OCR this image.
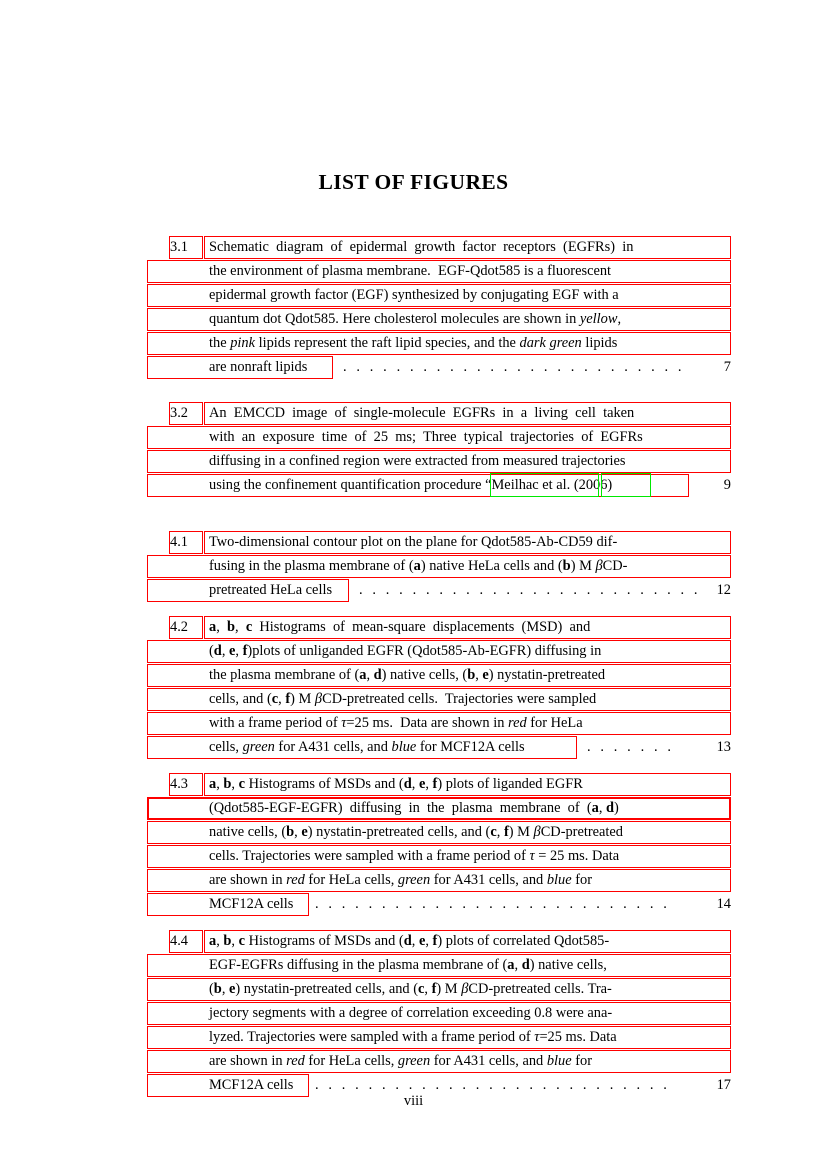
LIST OF FIGURES
3.1	Schematic  diagram  of  epidermal  growth  factor  receptors  (EGFRs)  in
the environment of plasma membrane.  EGF-Qdot585 is a fluorescent
epidermal growth factor (EGF) synthesized by conjugating EGF with a
quantum dot Qdot585. Here cholesterol molecules are shown in yellow,
the pink lipids represent the raft lipid species, and the dark green lipids
are nonraft lipids . . . . . . . . . . . . . . . . . . . . . . . . . .	7
3.2	An  EMCCD  image  of  single-molecule  EGFRs  in  a  living  cell  taken
with  an  exposure  time  of  25  ms;  Three  typical  trajectories  of  EGFRs
diffusing in a confined region were extracted from measured trajectories
using the confinement quantification procedure “Meilhac et al. (2006)	9
4.1	Two-dimensional contour plot on the plane for Qdot585-Ab-CD59 dif-
fusing in the plasma membrane of (a) native HeLa cells and (b) M βCD-
pretreated HeLa cells . . . . . . . . . . . . . . . . . . . . . . . . . .	12
4.2	a,  b,  c  Histograms  of  mean-square  displacements  (MSD)  and
(d, e, f)plots of unliganded EGFR (Qdot585-Ab-EGFR) diffusing in
the plasma membrane of (a, d) native cells, (b, e) nystatin-pretreated
cells, and (c, f) M βCD-pretreated cells.  Trajectories were sampled
with a frame period of τ=25 ms.  Data are shown in red for HeLa
cells, green for A431 cells, and blue for MCF12A cells	. . . . . . .	13
4.3	a, b, c Histograms of MSDs and (d, e, f) plots of liganded EGFR
(Qdot585-EGF-EGFR)  diffusing  in  the  plasma  membrane  of  (a, d)
native cells, (b, e) nystatin-pretreated cells, and (c, f) M βCD-pretreated
cells. Trajectories were sampled with a frame period of τ = 25 ms. Data
are shown in red for HeLa cells, green for A431 cells, and blue for
MCF12A cells . . . . . . . . . . . . . . . . . . . . . . . . . . .	14
4.4	a, b, c Histograms of MSDs and (d, e, f) plots of correlated Qdot585-
EGF-EGFRs diffusing in the plasma membrane of (a, d) native cells,
(b, e) nystatin-pretreated cells, and (c, f) M βCD-pretreated cells. Tra-
jectory segments with a degree of correlation exceeding 0.8 were ana-
lyzed. Trajectories were sampled with a frame period of τ=25 ms. Data
are shown in red for HeLa cells, green for A431 cells, and blue for
MCF12A cells . . . . . . . . . . . . . . . . . . . . . . . . . . .	17
viii
